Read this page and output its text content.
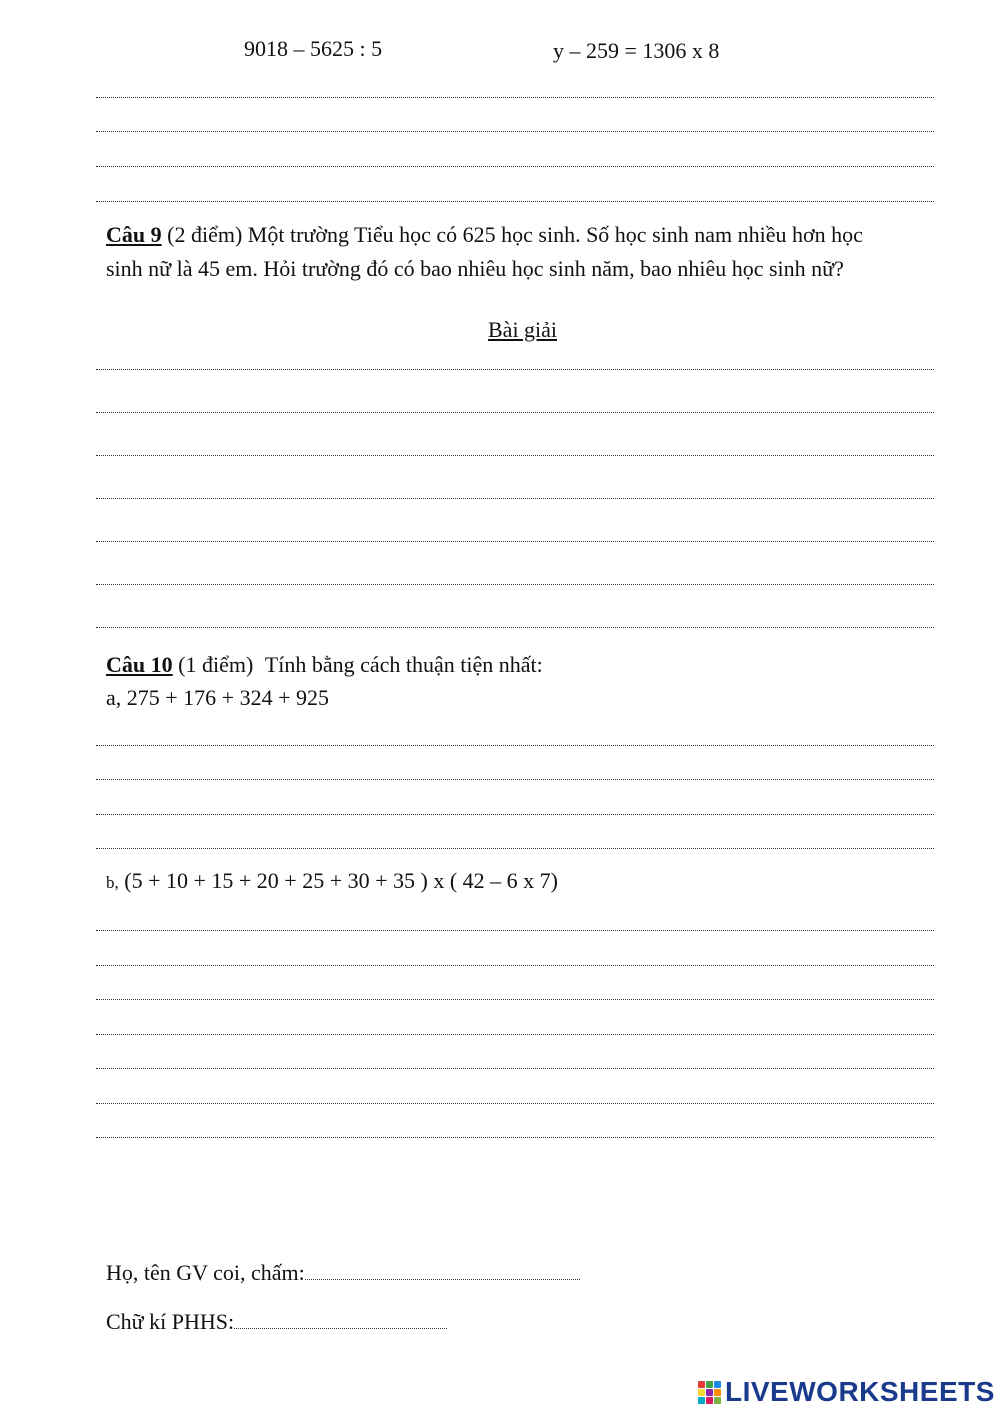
9018 – 5625 : 5	y – 259 = 1306 x 8
Câu 9 (2 điểm) Một trường Tiểu học có 625 học sinh. Số học sinh nam nhiều hơn học
sinh nữ là 45 em. Hỏi trường đó có bao nhiêu học sinh năm, bao nhiêu học sinh nữ?
Bài giải
Câu 10 (1 điểm) Tính bằng cách thuận tiện nhất:
a, 275 + 176 + 324 + 925
b, (5 + 10 + 15 + 20 + 25 + 30 + 35 ) x ( 42 – 6 x 7)
Họ, tên GV coi, chấm:
Chữ kí PHHS:
LIVEWORKSHEETS
